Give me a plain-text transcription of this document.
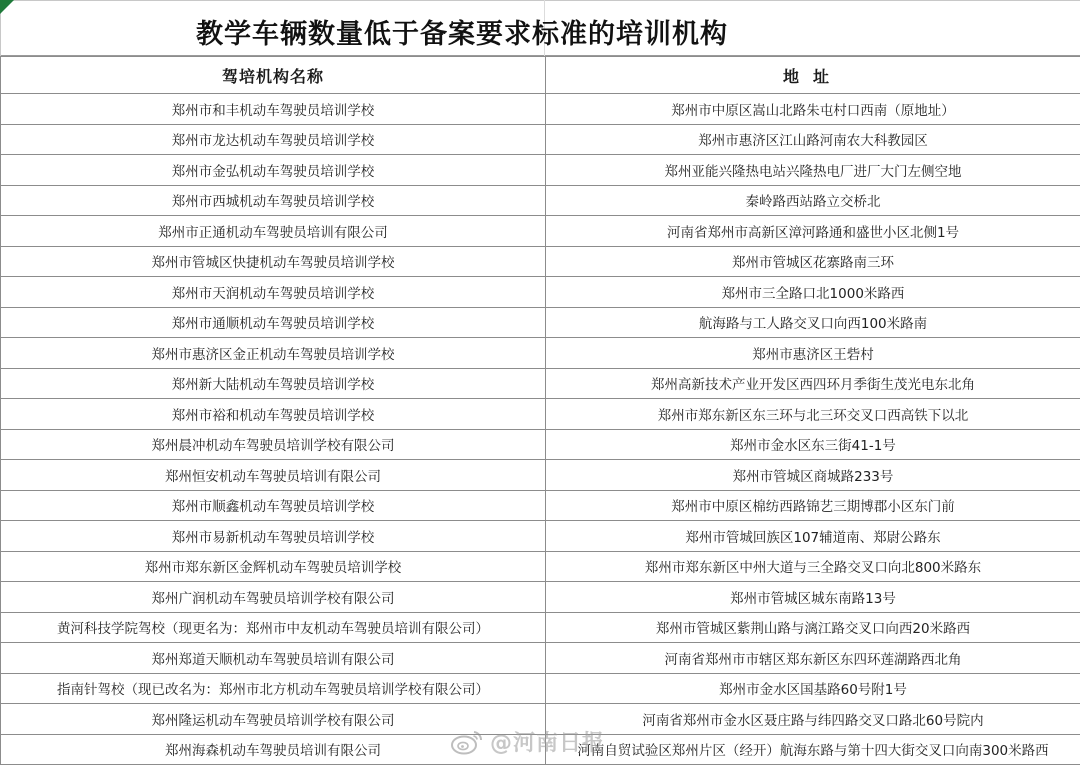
教学车辆数量低于备案要求标准的培训机构
驾培机构名称	地址
郑州市和丰机动车驾驶员培训学校	郑州市中原区嵩山北路朱屯村口西南（原地址）
郑州市龙达机动车驾驶员培训学校	郑州市惠济区江山路河南农大科教园区
郑州市金弘机动车驾驶员培训学校	郑州亚能兴隆热电站兴隆热电厂进厂大门左侧空地
郑州市西城机动车驾驶员培训学校	秦岭路西站路立交桥北
郑州市正通机动车驾驶员培训有限公司	河南省郑州市高新区漳河路通和盛世小区北侧1号
郑州市管城区快捷机动车驾驶员培训学校	郑州市管城区花寨路南三环
郑州市天润机动车驾驶员培训学校	郑州市三全路口北1000米路西
郑州市通顺机动车驾驶员培训学校	航海路与工人路交叉口向西100米路南
郑州市惠济区金正机动车驾驶员培训学校	郑州市惠济区王砦村
郑州新大陆机动车驾驶员培训学校	郑州高新技术产业开发区西四环月季街生茂光电东北角
郑州市裕和机动车驾驶员培训学校	郑州市郑东新区东三环与北三环交叉口西高铁下以北
郑州晨冲机动车驾驶员培训学校有限公司	郑州市金水区东三街41-1号
郑州恒安机动车驾驶员培训有限公司	郑州市管城区商城路233号
郑州市顺鑫机动车驾驶员培训学校	郑州市中原区棉纺西路锦艺三期博郡小区东门前
郑州市易新机动车驾驶员培训学校	郑州市管城回族区107辅道南、郑尉公路东
郑州市郑东新区金辉机动车驾驶员培训学校	郑州市郑东新区中州大道与三全路交叉口向北800米路东
郑州广润机动车驾驶员培训学校有限公司	郑州市管城区城东南路13号
黄河科技学院驾校（现更名为：郑州市中友机动车驾驶员培训有限公司）	郑州市管城区紫荆山路与漓江路交叉口向西20米路西
郑州郑道天顺机动车驾驶员培训有限公司	河南省郑州市市辖区郑东新区东四环莲湖路西北角
指南针驾校（现已改名为：郑州市北方机动车驾驶员培训学校有限公司）	郑州市金水区国基路60号附1号
郑州隆运机动车驾驶员培训学校有限公司	河南省郑州市金水区聂庄路与纬四路交叉口路北60号院内
郑州海森机动车驾驶员培训有限公司	河南自贸试验区郑州片区（经开）航海东路与第十四大街交叉口向南300米路西
@河南日报
